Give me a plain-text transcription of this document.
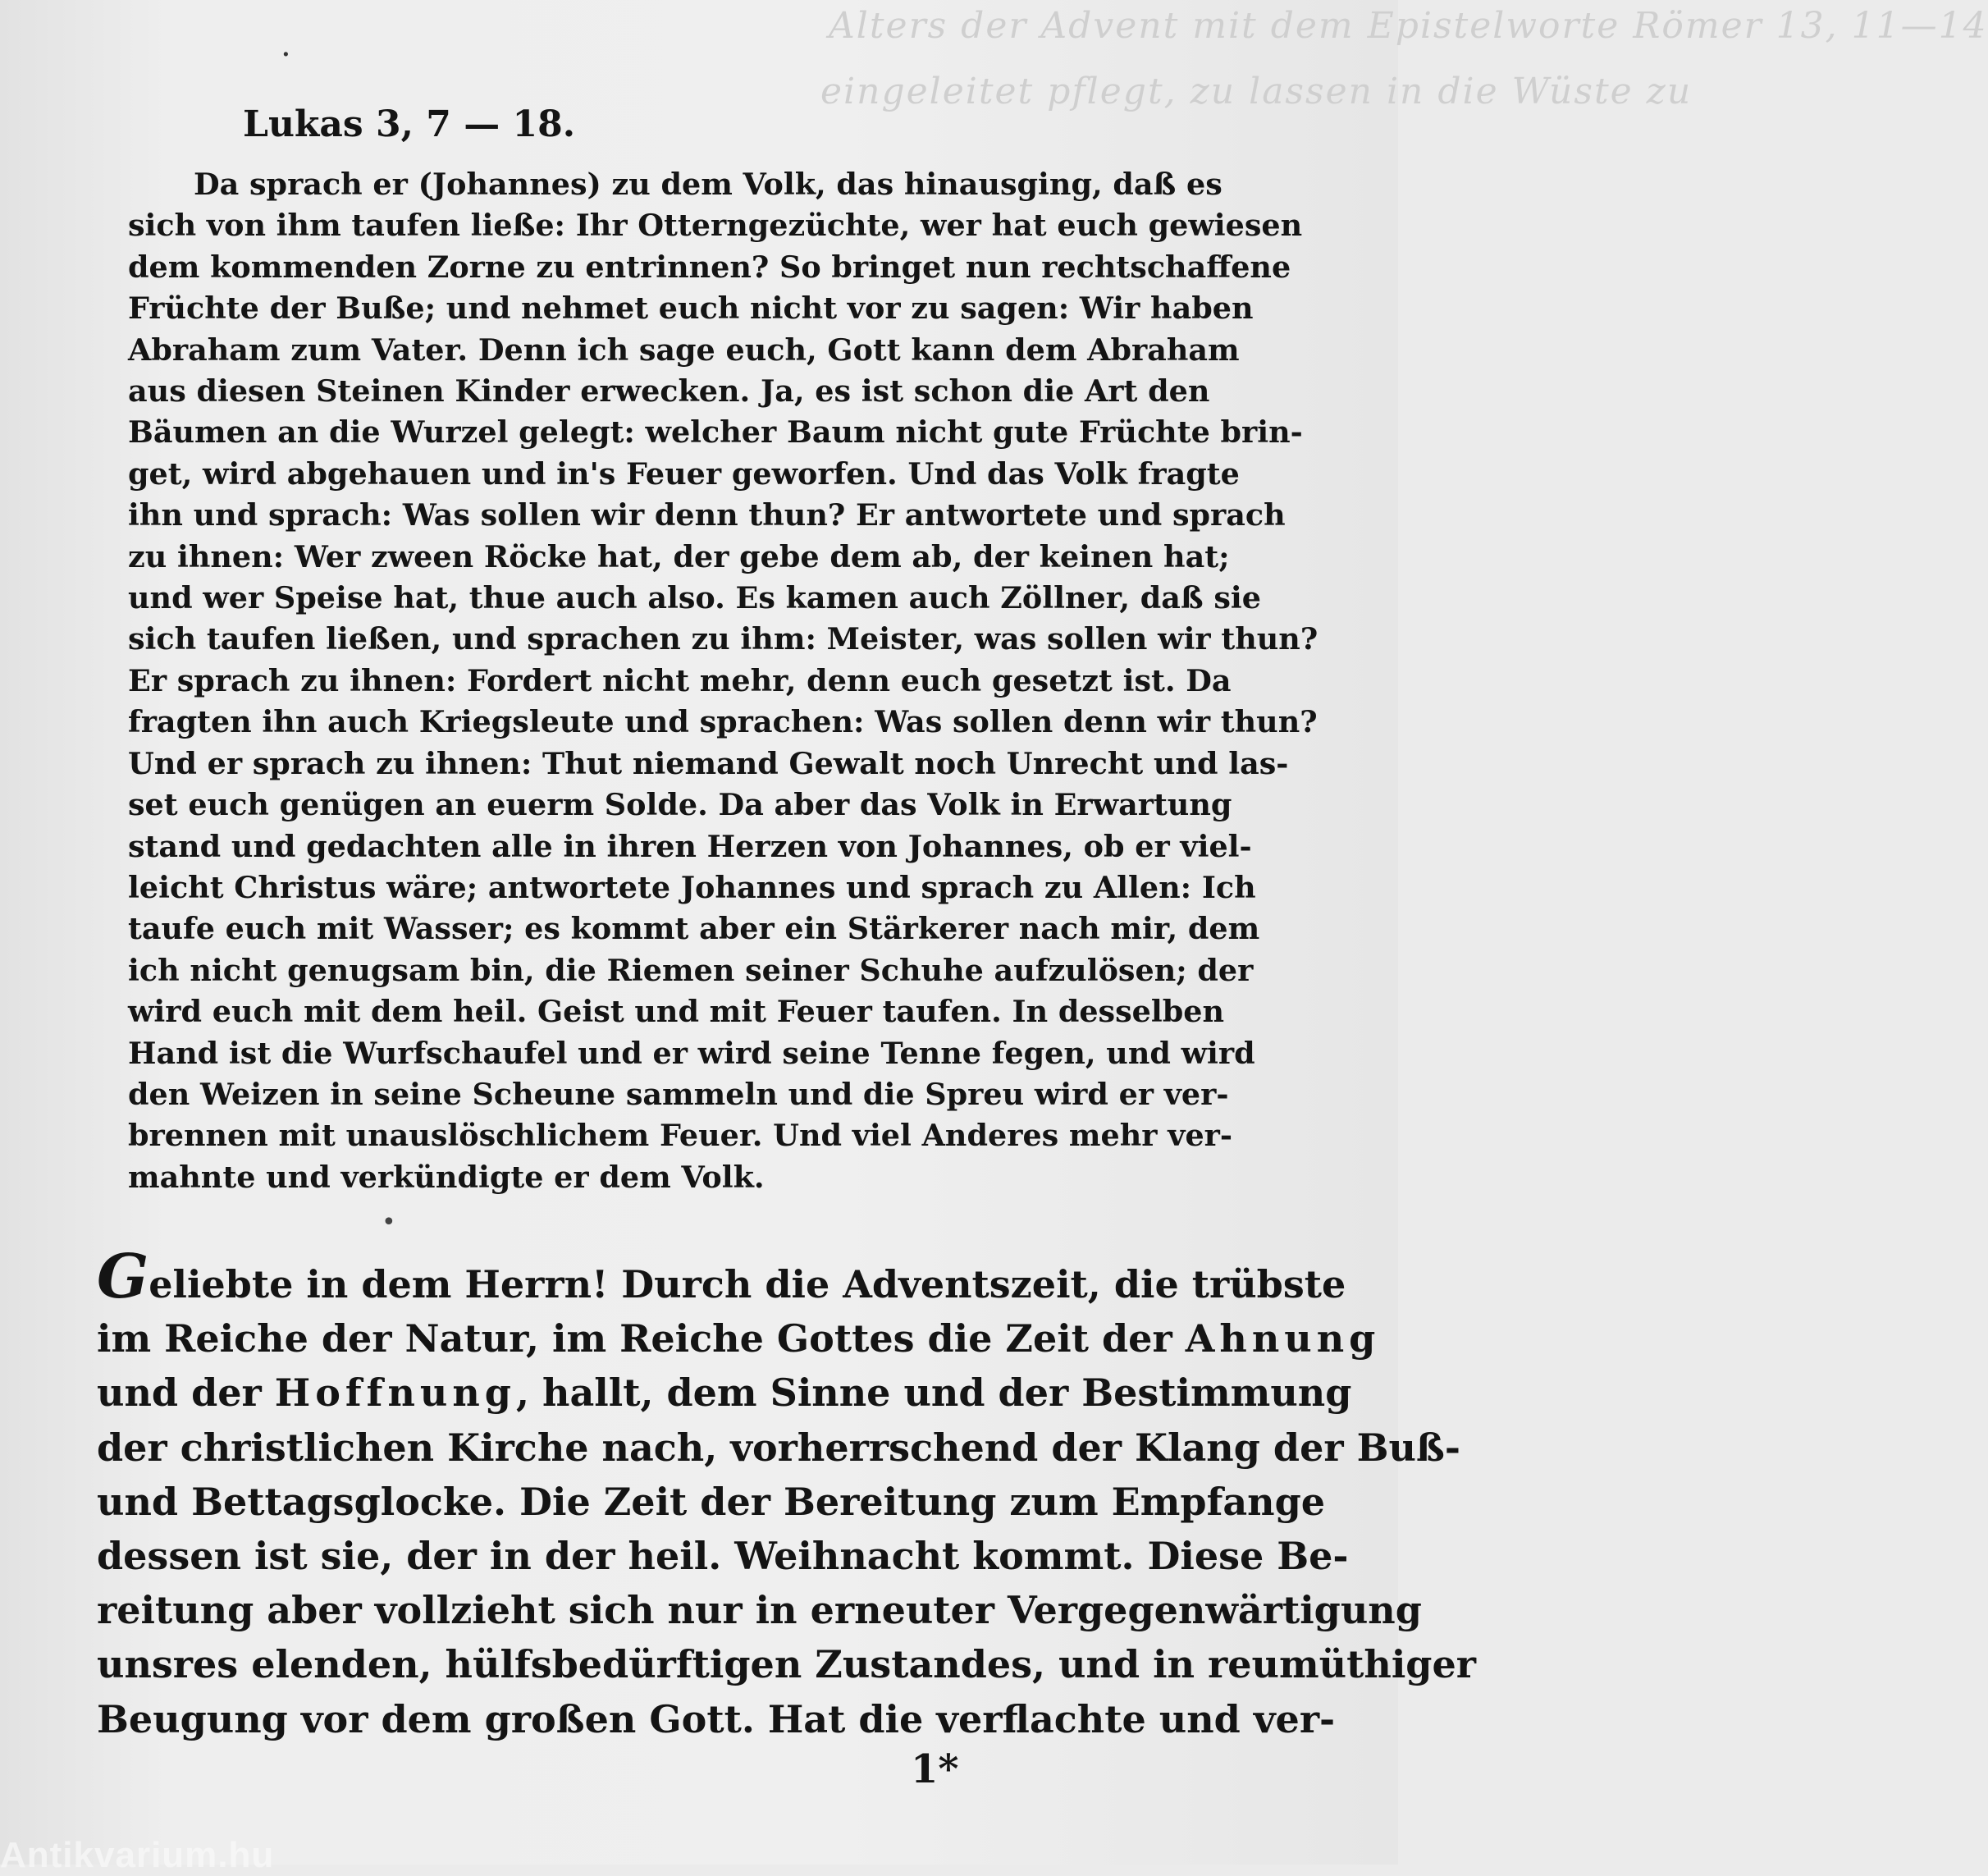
Alters der Advent mit dem Epistelworte Römer 13, 11—14
eingeleitet pflegt, zu lassen in die Wüste zu
.
Lukas 3, 7 — 18.
Da sprach er (Johannes) zu dem Volk, das hinausging, daß es
sich von ihm taufen ließe: Ihr Otterngezüchte, wer hat euch gewiesen
dem kommenden Zorne zu entrinnen? So bringet nun rechtschaffene
Früchte der Buße; und nehmet euch nicht vor zu sagen: Wir haben
Abraham zum Vater. Denn ich sage euch, Gott kann dem Abraham
aus diesen Steinen Kinder erwecken. Ja, es ist schon die Art den
Bäumen an die Wurzel gelegt: welcher Baum nicht gute Früchte brin-
get, wird abgehauen und in's Feuer geworfen. Und das Volk fragte
ihn und sprach: Was sollen wir denn thun? Er antwortete und sprach
zu ihnen: Wer zween Röcke hat, der gebe dem ab, der keinen hat;
und wer Speise hat, thue auch also. Es kamen auch Zöllner, daß sie
sich taufen ließen, und sprachen zu ihm: Meister, was sollen wir thun?
Er sprach zu ihnen: Fordert nicht mehr, denn euch gesetzt ist. Da
fragten ihn auch Kriegsleute und sprachen: Was sollen denn wir thun?
Und er sprach zu ihnen: Thut niemand Gewalt noch Unrecht und las-
set euch genügen an euerm Solde. Da aber das Volk in Erwartung
stand und gedachten alle in ihren Herzen von Johannes, ob er viel-
leicht Christus wäre; antwortete Johannes und sprach zu Allen: Ich
taufe euch mit Wasser; es kommt aber ein Stärkerer nach mir, dem
ich nicht genugsam bin, die Riemen seiner Schuhe aufzulösen; der
wird euch mit dem heil. Geist und mit Feuer taufen. In desselben
Hand ist die Wurfschaufel und er wird seine Tenne fegen, und wird
den Weizen in seine Scheune sammeln und die Spreu wird er ver-
brennen mit unauslöschlichem Feuer. Und viel Anderes mehr ver-
mahnte und verkündigte er dem Volk.
•
Geliebte in dem Herrn! Durch die Adventszeit, die trübste
im Reiche der Natur, im Reiche Gottes die Zeit der Ahnung
und der Hoffnung, hallt, dem Sinne und der Bestimmung
der christlichen Kirche nach, vorherrschend der Klang der Buß-
und Bettagsglocke. Die Zeit der Bereitung zum Empfange
dessen ist sie, der in der heil. Weihnacht kommt. Diese Be-
reitung aber vollzieht sich nur in erneuter Vergegenwärtigung
unsres elenden, hülfsbedürftigen Zustandes, und in reumüthiger
Beugung vor dem großen Gott. Hat die verflachte und ver-
1*
Antikvarium.hu
